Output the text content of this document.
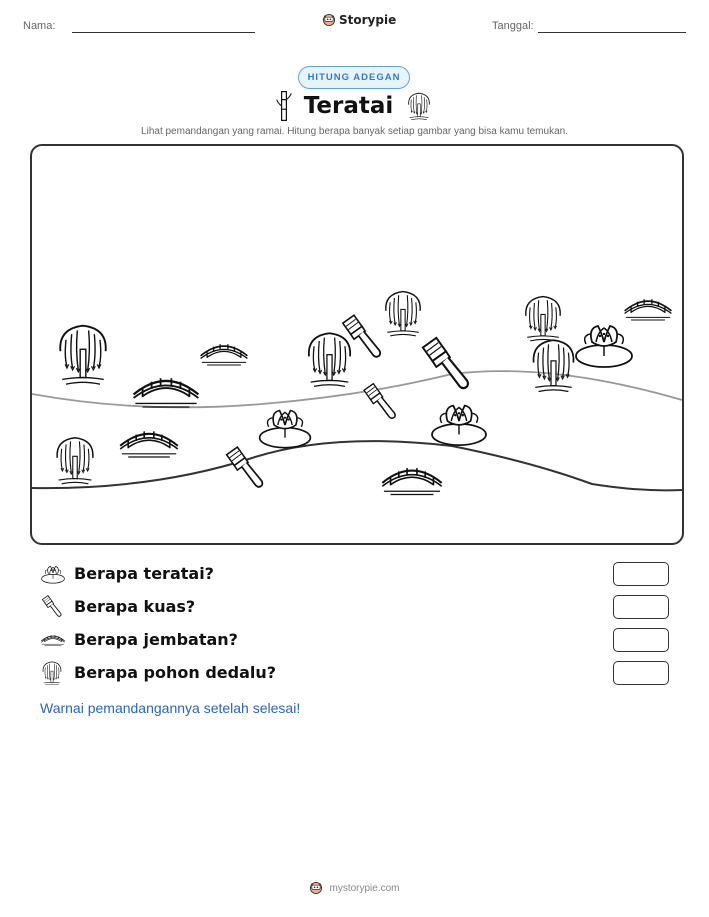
Nama:	Storypie	Tanggal:
HITUNG ADEGAN
Teratai
Lihat pemandangan yang ramai. Hitung berapa banyak setiap gambar yang bisa kamu temukan.
Berapa teratai?
Berapa kuas?
Berapa jembatan?
Berapa pohon dedalu?
Warnai pemandangannya setelah selesai!
mystorypie.com
